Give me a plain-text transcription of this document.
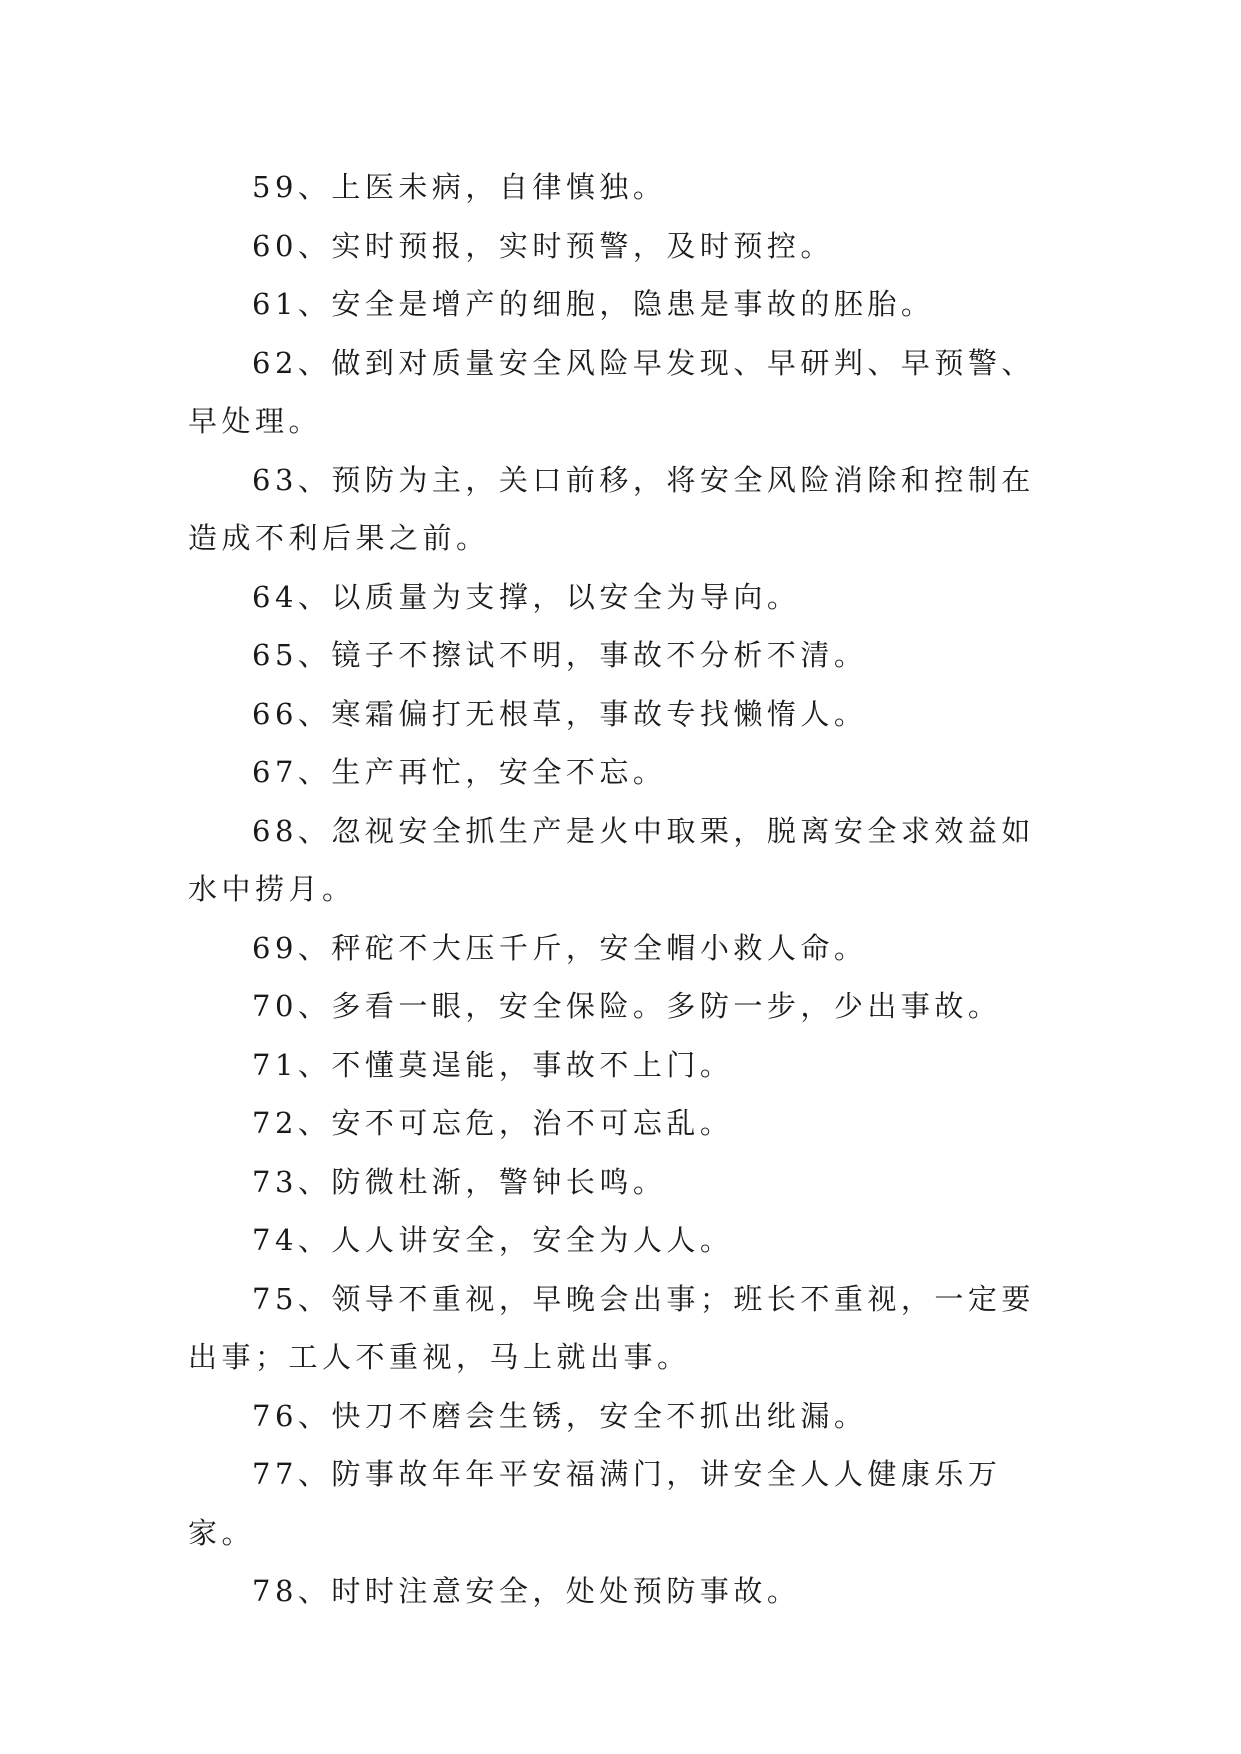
59、上医未病，自律慎独。

60、实时预报，实时预警，及时预控。

61、安全是增产的细胞，隐患是事故的胚胎。

62、做到对质量安全风险早发现、早研判、早预警、早处理。

63、预防为主，关口前移，将安全风险消除和控制在造成不利后果之前。

64、以质量为支撑，以安全为导向。

65、镜子不擦试不明，事故不分析不清。

66、寒霜偏打无根草，事故专找懒惰人。

67、生产再忙，安全不忘。

68、忽视安全抓生产是火中取栗，脱离安全求效益如水中捞月。

69、秤砣不大压千斤，安全帽小救人命。

70、多看一眼，安全保险。多防一步，少出事故。

71、不懂莫逞能，事故不上门。

72、安不可忘危，治不可忘乱。

73、防微杜渐，警钟长鸣。

74、人人讲安全，安全为人人。

75、领导不重视，早晚会出事；班长不重视，一定要出事；工人不重视，马上就出事。

76、快刀不磨会生锈，安全不抓出纰漏。

77、防事故年年平安福满门，讲安全人人健康乐万家。

78、时时注意安全，处处预防事故。
